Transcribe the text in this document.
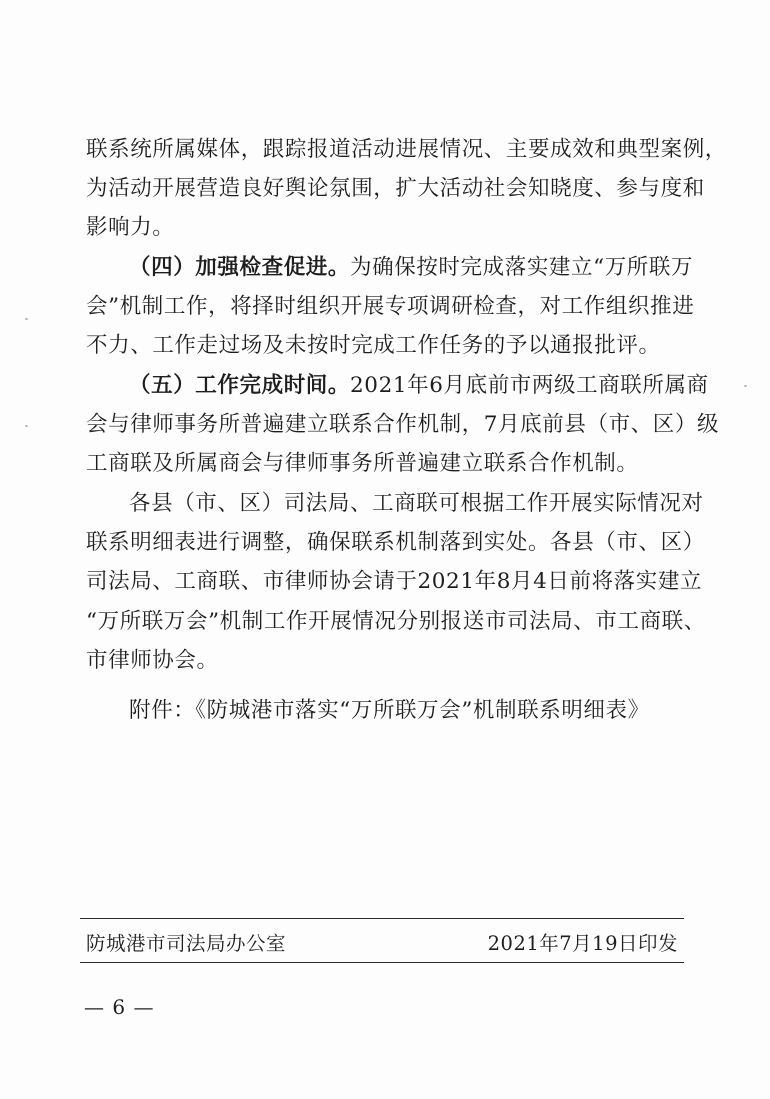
联系统所属媒体，跟踪报道活动进展情况、主要成效和典型案例，
为活动开展营造良好舆论氛围，扩大活动社会知晓度、参与度和
影响力。
（四）加强检查促进。为确保按时完成落实建立“万所联万
会”机制工作，将择时组织开展专项调研检查，对工作组织推进
不力、工作走过场及未按时完成工作任务的予以通报批评。
（五）工作完成时间。2021年6月底前市两级工商联所属商
会与律师事务所普遍建立联系合作机制，7月底前县（市、区）级
工商联及所属商会与律师事务所普遍建立联系合作机制。
各县（市、区）司法局、工商联可根据工作开展实际情况对
联系明细表进行调整，确保联系机制落到实处。各县（市、区）
司法局、工商联、市律师协会请于2021年8月4日前将落实建立
“万所联万会”机制工作开展情况分别报送市司法局、市工商联、
市律师协会。
附件：《防城港市落实“万所联万会”机制联系明细表》
防城港市司法局办公室	2021年7月19日印发
— 6 —
